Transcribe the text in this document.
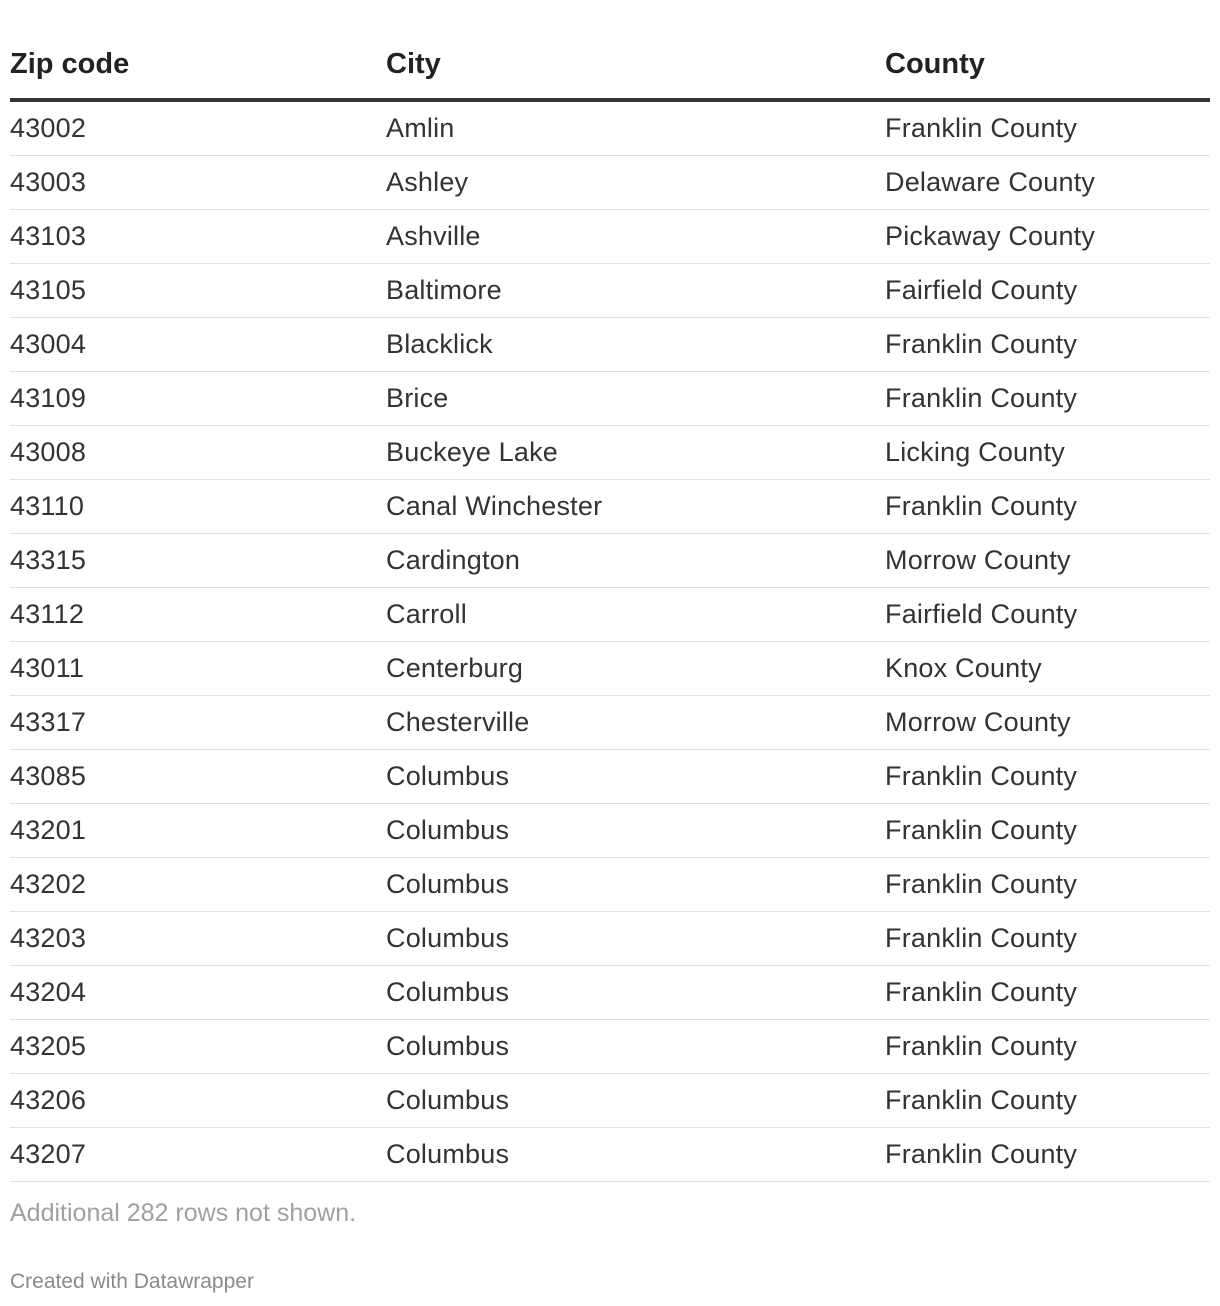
Zip code	City	County
43002	Amlin	Franklin County
43003	Ashley	Delaware County
43103	Ashville	Pickaway County
43105	Baltimore	Fairfield County
43004	Blacklick	Franklin County
43109	Brice	Franklin County
43008	Buckeye Lake	Licking County
43110	Canal Winchester	Franklin County
43315	Cardington	Morrow County
43112	Carroll	Fairfield County
43011	Centerburg	Knox County
43317	Chesterville	Morrow County
43085	Columbus	Franklin County
43201	Columbus	Franklin County
43202	Columbus	Franklin County
43203	Columbus	Franklin County
43204	Columbus	Franklin County
43205	Columbus	Franklin County
43206	Columbus	Franklin County
43207	Columbus	Franklin County
Additional 282 rows not shown.
Created with Datawrapper
